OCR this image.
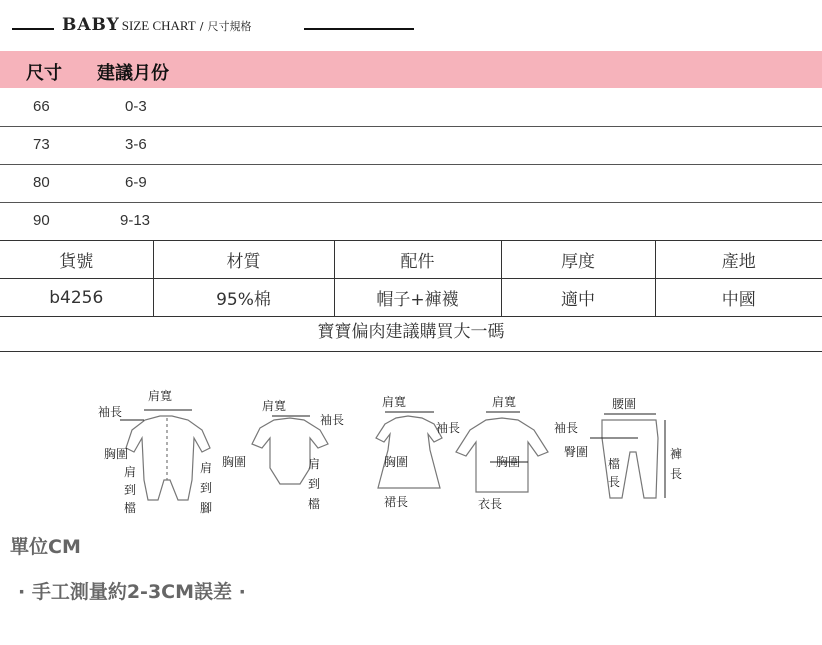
BABY SIZE CHART / 尺寸規格
尺寸 建議月份
66	0-3
73	3-6
80	6-9
90	9-13
貨號	材質	配件	厚度	產地
b4256	95%棉	帽子+褲襪	適中	中國
寶寶偏肉建議購買大一碼
肩寬
袖長
胸圍
肩
到
檔
肩
到
腳
肩寬
袖長
胸圍	肩
到
檔
肩寬
袖長
胸圍
裙長
肩寬
袖長
胸圍
衣長
腰圍
臀圍
檔
長
褲
長
單位CM
· 手工測量約2-3CM誤差 ·
